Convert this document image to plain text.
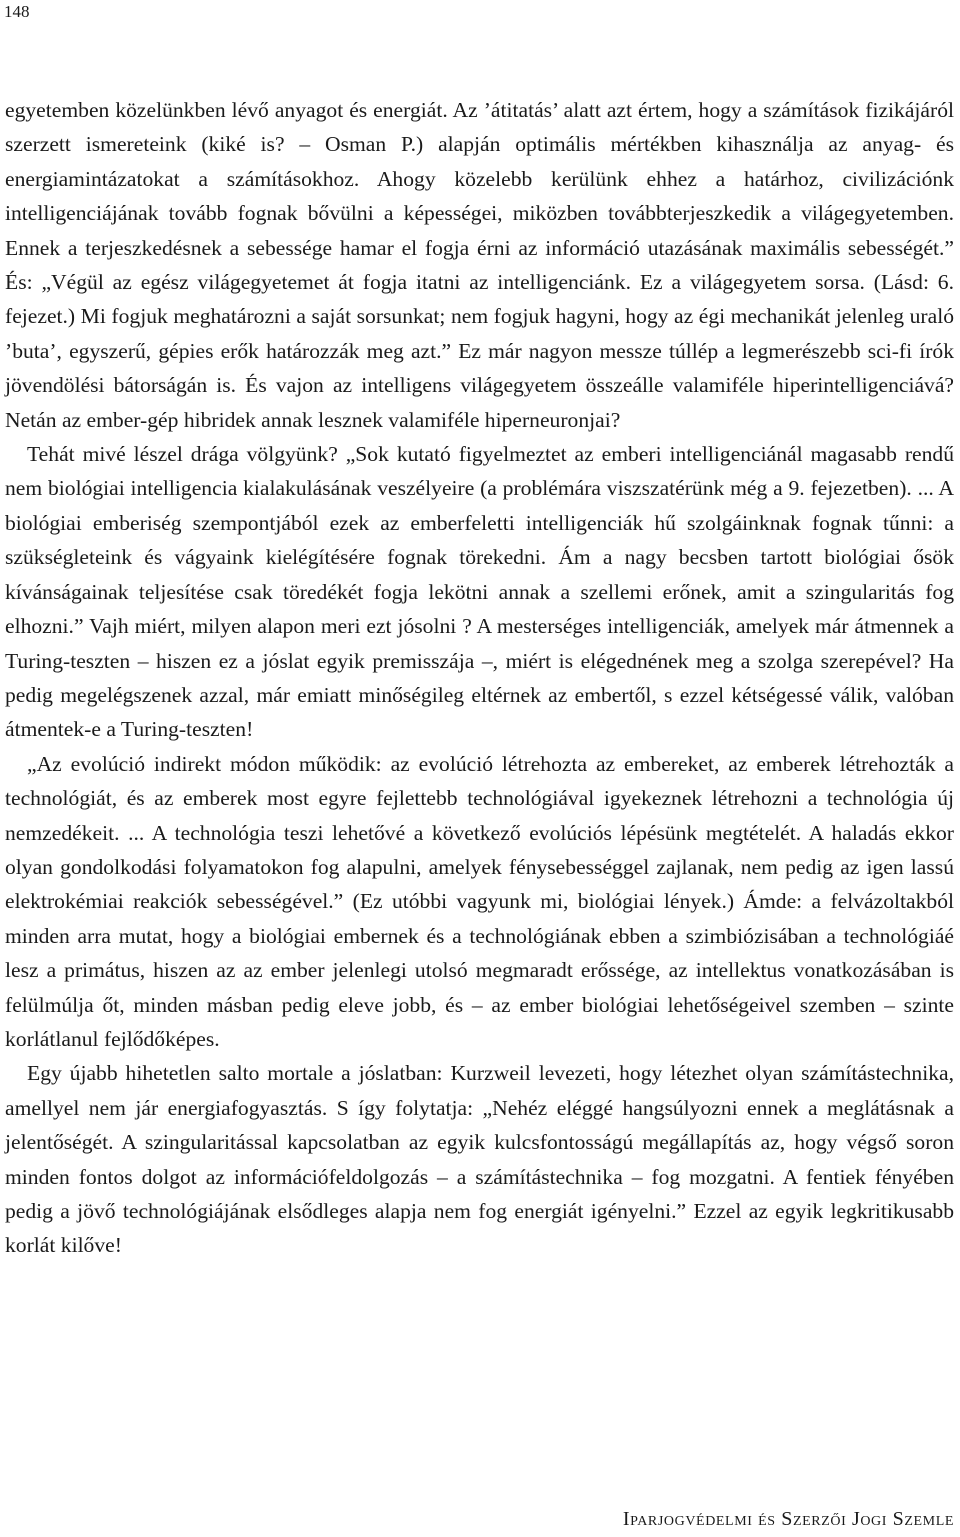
148

egyetemben közelünkben lévő anyagot és energiát. Az ’átitatás’ alatt azt értem, hogy a számítások fizikájáról szerzett ismereteink (kiké is? – Osman P.) alapján optimális mértékben kihasználja az anyag- és energiamintázatokat a számításokhoz. Ahogy közelebb kerülünk ehhez a határhoz, civilizációnk intelligenciájának tovább fognak bővülni a képességei, miközben továbbterjeszkedik a világegyetemben. Ennek a terjeszkedésnek a sebessége hamar el fogja érni az információ utazásának maximális sebességét.” És: „Végül az egész világegyetemet át fogja itatni az intelligenciánk. Ez a világegyetem sorsa. (Lásd: 6. fejezet.) Mi fogjuk meghatározni a saját sorsunkat; nem fogjuk hagyni, hogy az égi mechanikát jelenleg uraló ’buta’, egyszerű, gépies erők határozzák meg azt.” Ez már nagyon messze túllép a legmerészebb sci-fi írók jövendölési bátorságán is. És vajon az intelligens világegyetem összeálle valamiféle hiperintelligenciává? Netán az ember-gép hibridek annak lesznek valamiféle hiperneuronjai?

Tehát mivé lészel drága völgyünk? „Sok kutató figyelmeztet az emberi intelligenciánál magasabb rendű nem biológiai intelligencia kialakulásának veszélyeire (a problémára viszszatérünk még a 9. fejezetben). ... A biológiai emberiség szempontjából ezek az emberfeletti intelligenciák hű szolgáinknak fognak tűnni: a szükségleteink és vágyaink kielégítésére fognak törekedni. Ám a nagy becsben tartott biológiai ősök kívánságainak teljesítése csak töredékét fogja lekötni annak a szellemi erőnek, amit a szingularitás fog elhozni.” Vajh miért, milyen alapon meri ezt jósolni ? A mesterséges intelligenciák, amelyek már átmennek a Turing-teszten – hiszen ez a jóslat egyik premisszája –, miért is elégednének meg a szolga szerepével? Ha pedig megelégszenek azzal, már emiatt minőségileg eltérnek az embertől, s ezzel kétségessé válik, valóban átmentek-e a Turing-teszten!

„Az evolúció indirekt módon működik: az evolúció létrehozta az embereket, az emberek létrehozták a technológiát, és az emberek most egyre fejlettebb technológiával igyekeznek létrehozni a technológia új nemzedékeit. ... A technológia teszi lehetővé a következő evolúciós lépésünk megtételét. A haladás ekkor olyan gondolkodási folyamatokon fog alapulni, amelyek fénysebességgel zajlanak, nem pedig az igen lassú elektrokémiai reakciók sebességével.” (Ez utóbbi vagyunk mi, biológiai lények.) Ámde: a felvázoltakból minden arra mutat, hogy a biológiai embernek és a technológiának ebben a szimbiózisában a technológiáé lesz a primátus, hiszen az az ember jelenlegi utolsó megmaradt erőssége, az intellektus vonatkozásában is felülmúlja őt, minden másban pedig eleve jobb, és – az ember biológiai lehetőségeivel szemben – szinte korlátlanul fejlődőképes.

Egy újabb hihetetlen salto mortale a jóslatban: Kurzweil levezeti, hogy létezhet olyan számítástechnika, amellyel nem jár energiafogyasztás. S így folytatja: „Nehéz eléggé hangsúlyozni ennek a meglátásnak a jelentőségét. A szingularitással kapcsolatban az egyik kulcsfontosságú megállapítás az, hogy végső soron minden fontos dolgot az információfeldolgozás – a számítástechnika – fog mozgatni. A fentiek fényében pedig a jövő technológiájának elsődleges alapja nem fog energiát igényelni.” Ezzel az egyik legkritikusabb korlát kilőve!

Iparjogvédelmi és Szerzői Jogi Szemle
